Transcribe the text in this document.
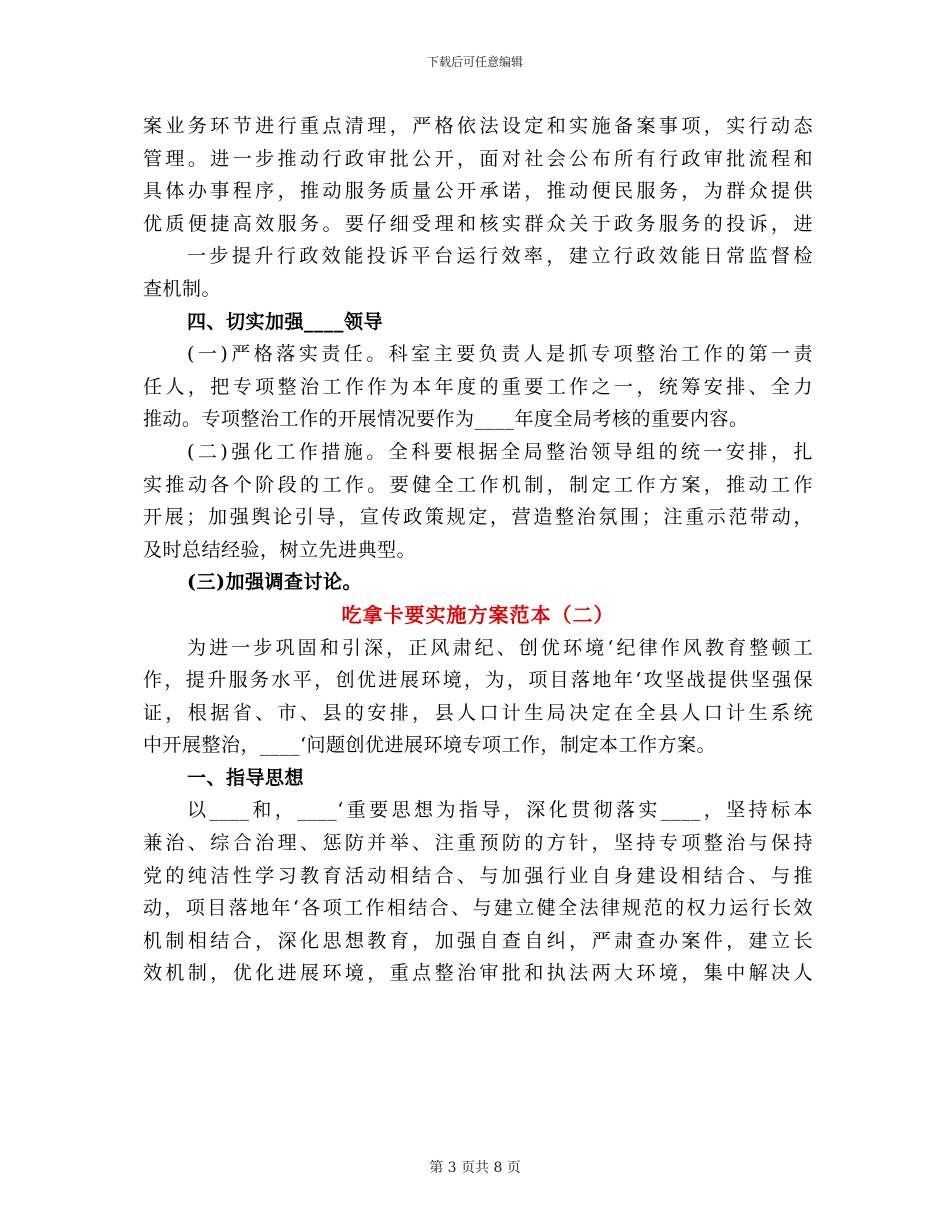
下载后可任意编辑
案业务环节进行重点清理，严格依法设定和实施备案事项，实行动态
管理。进一步推动行政审批公开，面对社会公布所有行政审批流程和
具体办事程序，推动服务质量公开承诺，推动便民服务，为群众提供
优质便捷高效服务。要仔细受理和核实群众关于政务服务的投诉，进
一步提升行政效能投诉平台运行效率，建立行政效能日常监督检
查机制。
四、切实加强____领导
(一)严格落实责任。科室主要负责人是抓专项整治工作的第一责
任人，把专项整治工作作为本年度的重要工作之一，统筹安排、全力
推动。专项整治工作的开展情况要作为____年度全局考核的重要内容。
(二)强化工作措施。全科要根据全局整治领导组的统一安排，扎
实推动各个阶段的工作。要健全工作机制，制定工作方案，推动工作
开展；加强舆论引导，宣传政策规定，营造整治氛围；注重示范带动，
及时总结经验，树立先进典型。
(三)加强调查讨论。
吃拿卡要实施方案范本（二）
为进一步巩固和引深，正风肃纪、创优环境‘纪律作风教育整顿工
作，提升服务水平，创优进展环境，为，项目落地年‘攻坚战提供坚强保
证，根据省、市、县的安排，县人口计生局决定在全县人口计生系统
中开展整治，____‘问题创优进展环境专项工作，制定本工作方案。
一、指导思想
以____和，____‘重要思想为指导，深化贯彻落实____，坚持标本
兼治、综合治理、惩防并举、注重预防的方针，坚持专项整治与保持
党的纯洁性学习教育活动相结合、与加强行业自身建设相结合、与推
动，项目落地年‘各项工作相结合、与建立健全法律规范的权力运行长效
机制相结合，深化思想教育，加强自查自纠，严肃查办案件，建立长
效机制，优化进展环境，重点整治审批和执法两大环境，集中解决人
第 3 页共 8 页
